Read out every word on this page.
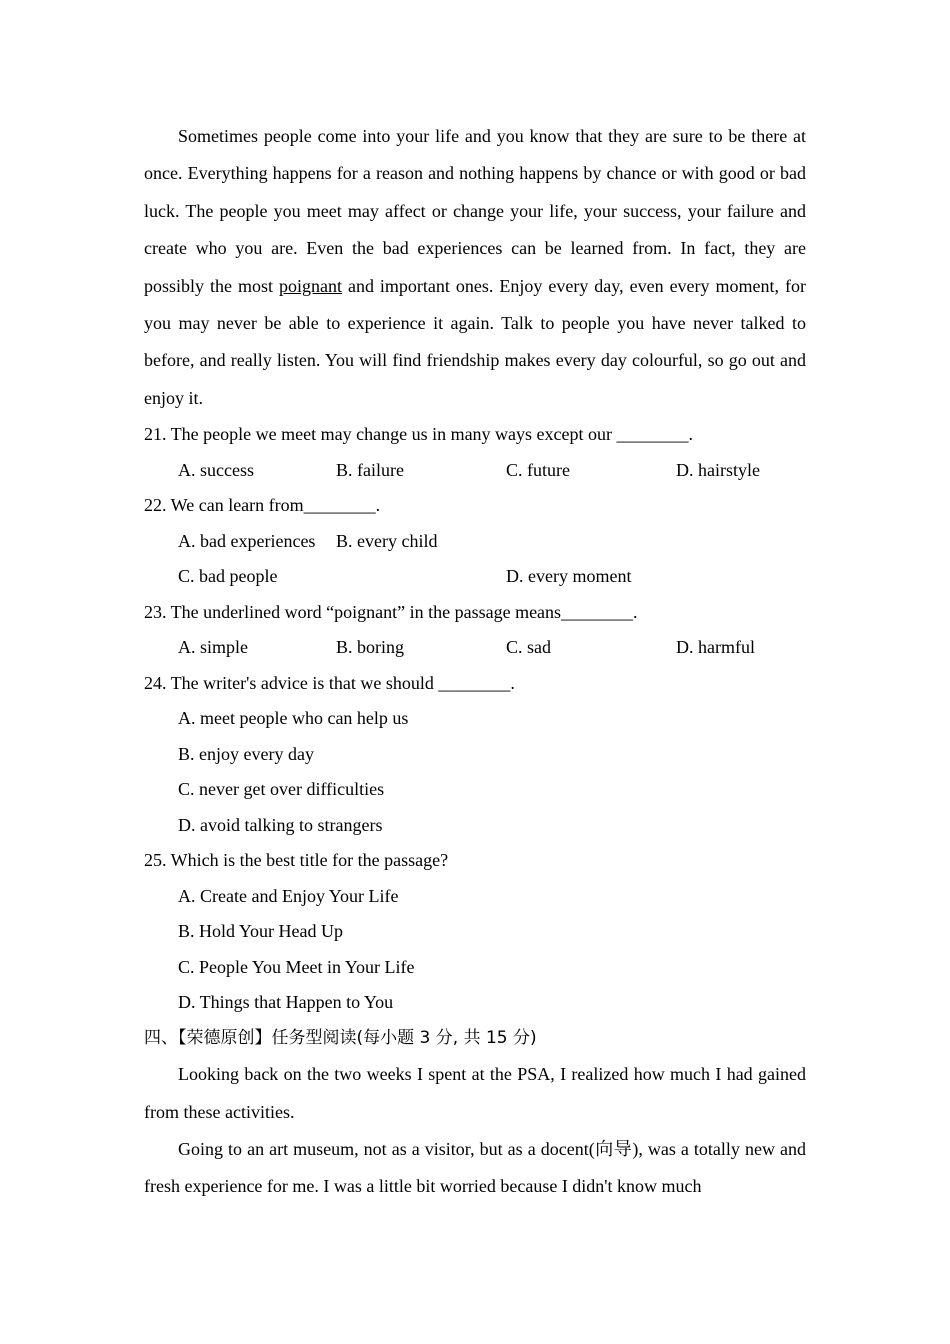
Sometimes people come into your life and you know that they are sure to be there at once. Everything happens for a reason and nothing happens by chance or with good or bad luck. The people you meet may affect or change your life, your success, your failure and create who you are. Even the bad experiences can be learned from. In fact, they are possibly the most poignant and important ones. Enjoy every day, even every moment, for you may never be able to experience it again. Talk to people you have never talked to before, and really listen. You will find friendship makes every day colourful, so go out and enjoy it.

21. The people we meet may change us in many ways except our ________.
A. success	B. failure	C. future	D. hairstyle
22. We can learn from________.
A. bad experiences B. every child
C. bad people	D. every moment
23. The underlined word “poignant” in the passage means________.
A. simple	B. boring	C. sad	D. harmful
24. The writer's advice is that we should ________.
A. meet people who can help us
B. enjoy every day
C. never get over difficulties
D. avoid talking to strangers
25. Which is the best title for the passage?
A. Create and Enjoy Your Life
B. Hold Your Head Up
C. People You Meet in Your Life
D. Things that Happen to You
四、【荣德原创】任务型阅读(每小题 3 分, 共 15 分)

Looking back on the two weeks I spent at the PSA, I realized how much I had gained from these activities.

Going to an art museum, not as a visitor, but as a docent(向导), was a totally new and fresh experience for me. I was a little bit worried because I didn't know much
